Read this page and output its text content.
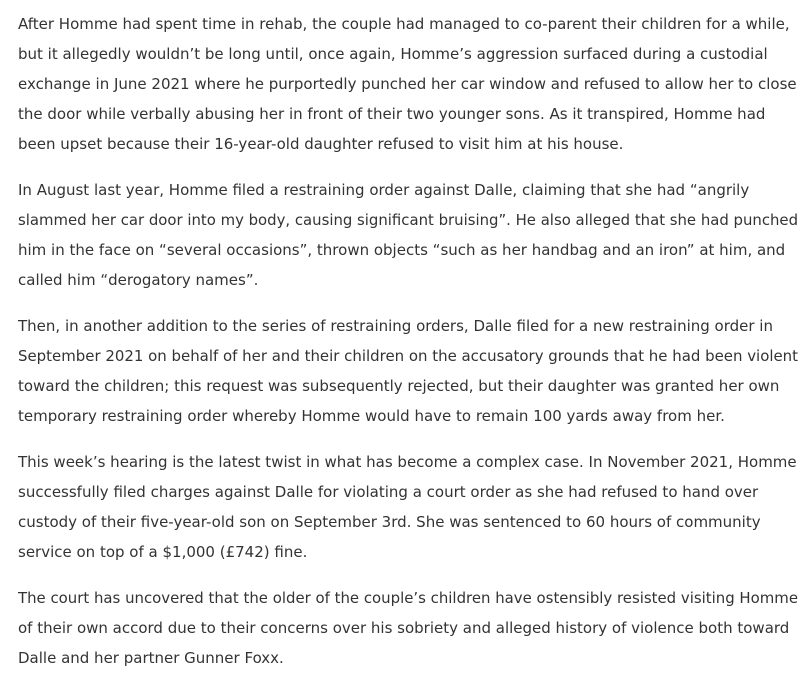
After Homme had spent time in rehab, the couple had managed to co-parent their children for a while,
but it allegedly wouldn’t be long until, once again, Homme’s aggression surfaced during a custodial
exchange in June 2021 where he purportedly punched her car window and refused to allow her to close
the door while verbally abusing her in front of their two younger sons. As it transpired, Homme had
been upset because their 16-year-old daughter refused to visit him at his house.

In August last year, Homme filed a restraining order against Dalle, claiming that she had “angrily
slammed her car door into my body, causing significant bruising”. He also alleged that she had punched
him in the face on “several occasions”, thrown objects “such as her handbag and an iron” at him, and
called him “derogatory names”.

Then, in another addition to the series of restraining orders, Dalle filed for a new restraining order in
September 2021 on behalf of her and their children on the accusatory grounds that he had been violent
toward the children; this request was subsequently rejected, but their daughter was granted her own
temporary restraining order whereby Homme would have to remain 100 yards away from her.

This week’s hearing is the latest twist in what has become a complex case. In November 2021, Homme
successfully filed charges against Dalle for violating a court order as she had refused to hand over
custody of their five-year-old son on September 3rd. She was sentenced to 60 hours of community
service on top of a $1,000 (£742) fine.

The court has uncovered that the older of the couple’s children have ostensibly resisted visiting Homme
of their own accord due to their concerns over his sobriety and alleged history of violence both toward
Dalle and her partner Gunner Foxx.
